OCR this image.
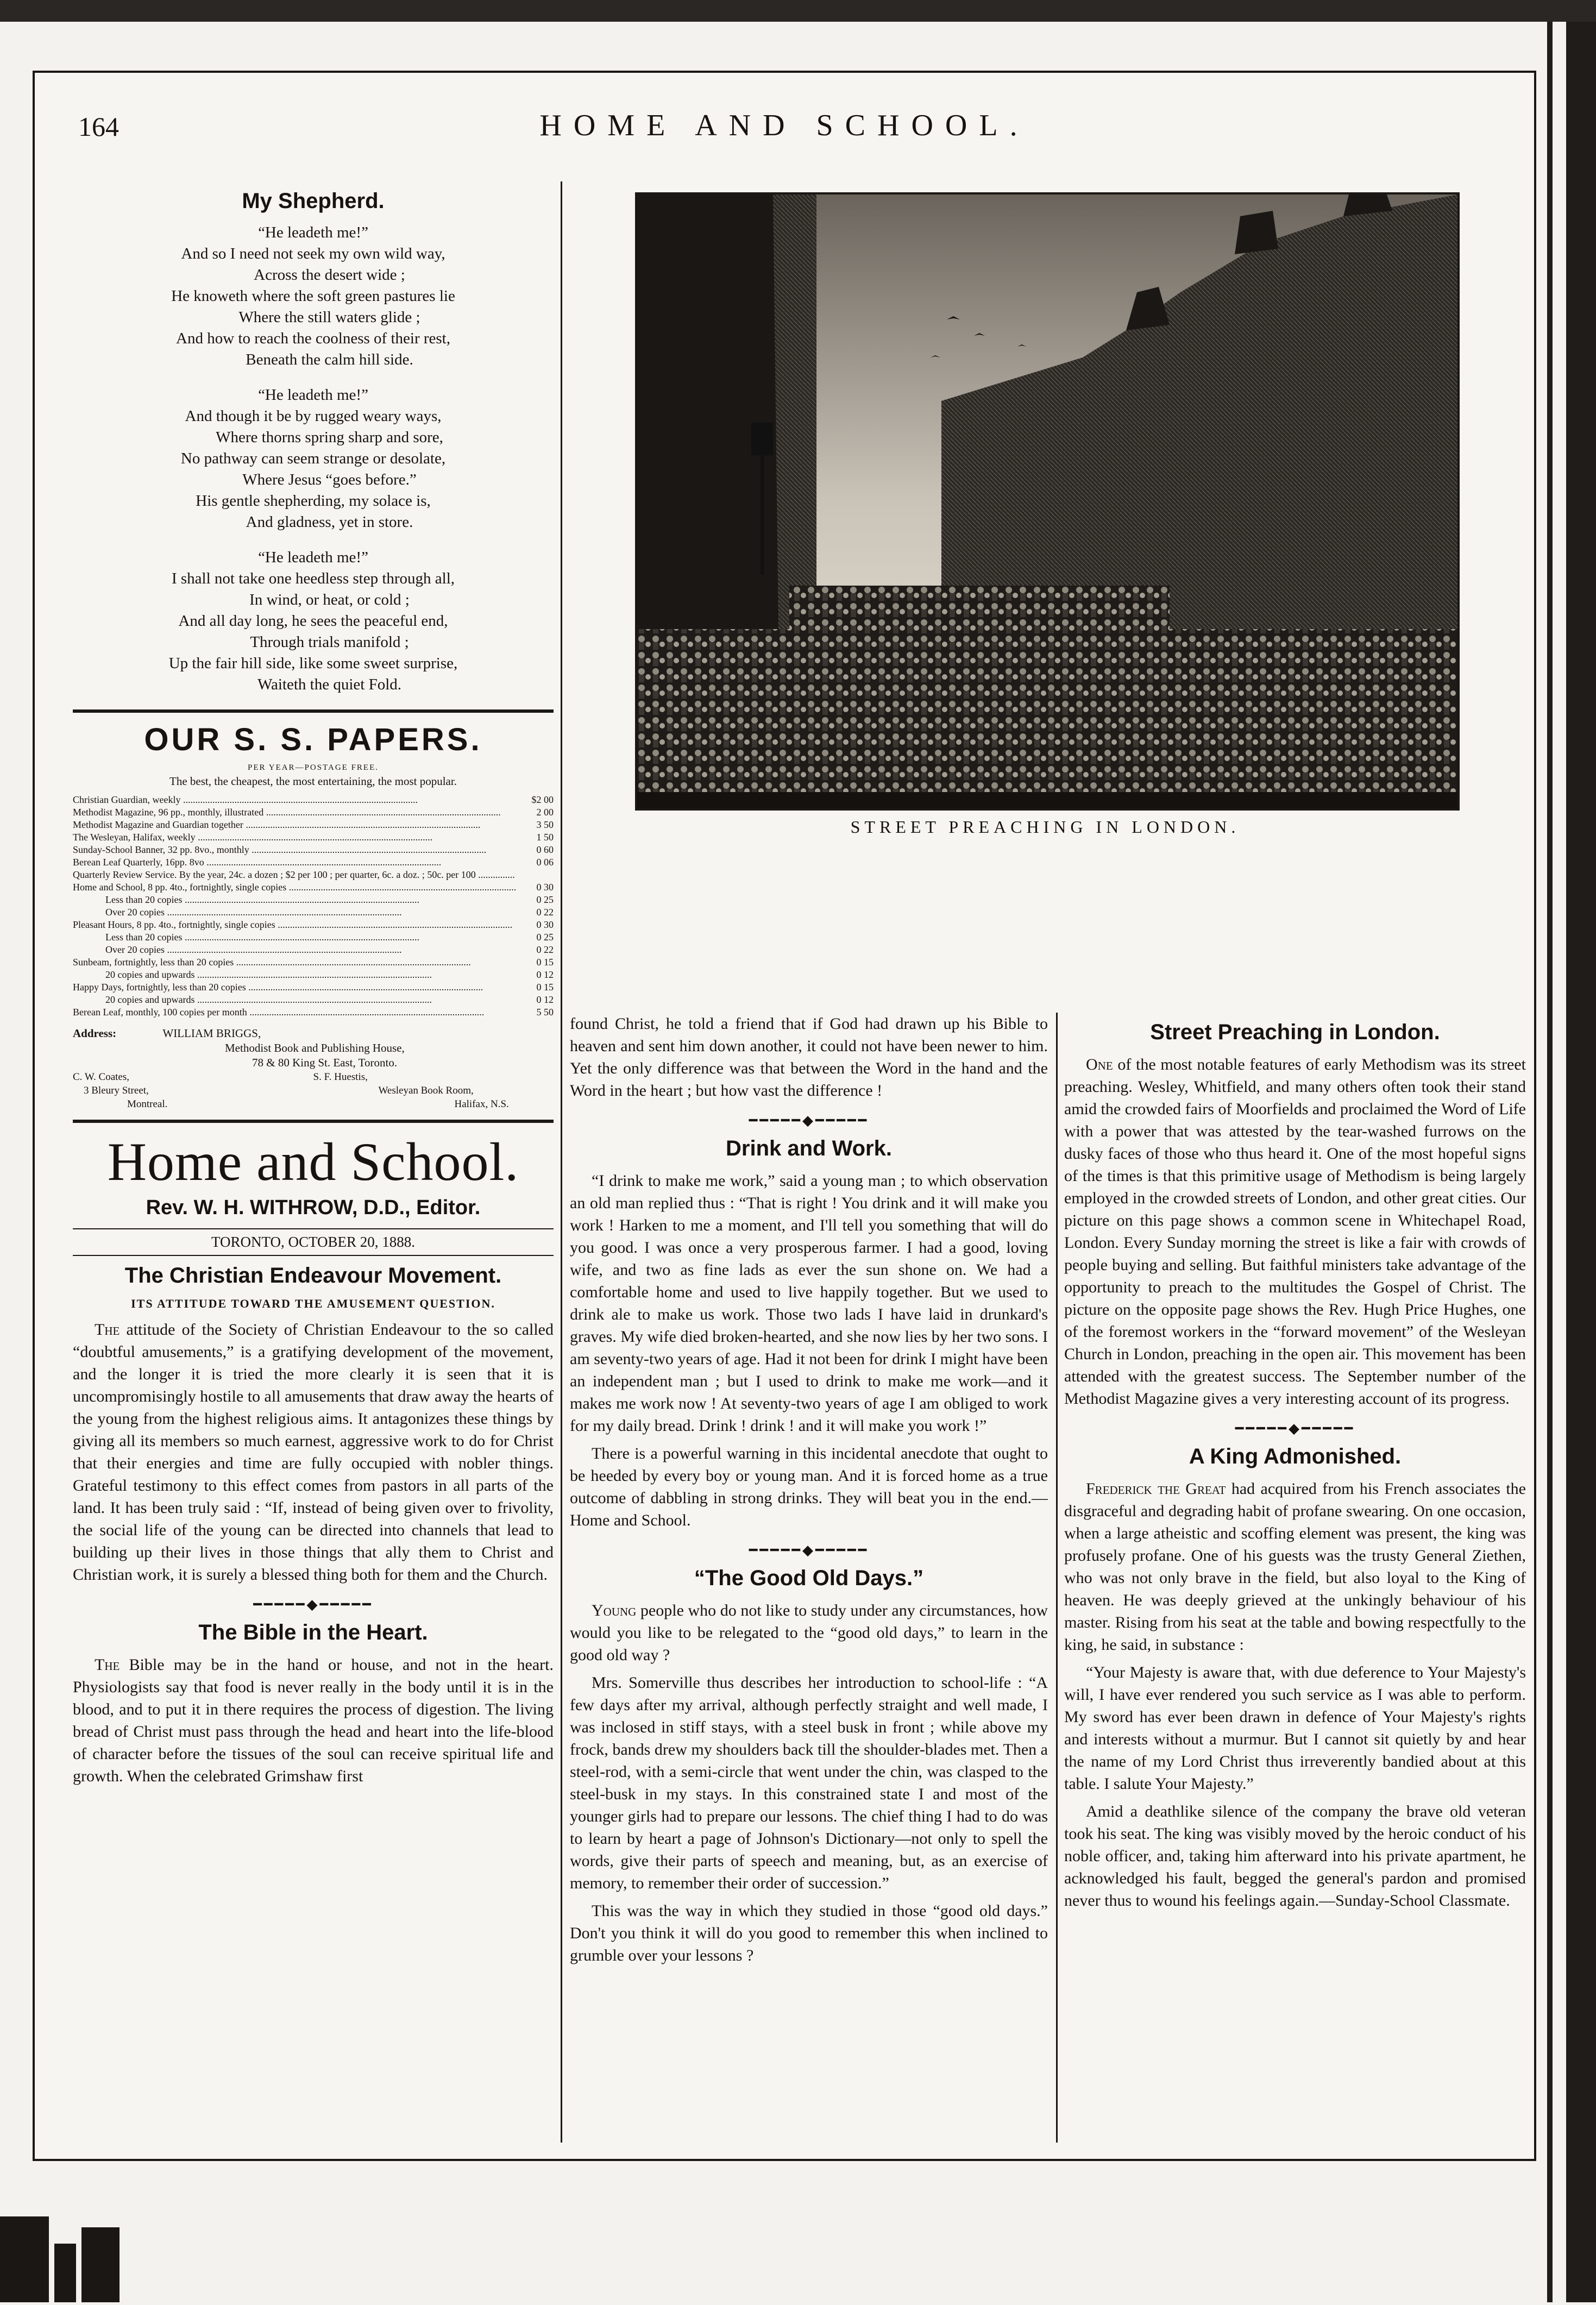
164	HOME AND SCHOOL.
My Shepherd.
“He leadeth me!”
And so I need not seek my own wild way,
Across the desert wide ;
He knoweth where the soft green pastures lie
Where the still waters glide ;
And how to reach the coolness of their rest,
Beneath the calm hill side.
“He leadeth me!”
And though it be by rugged weary ways,
Where thorns spring sharp and sore,
No pathway can seem strange or desolate,
Where Jesus “goes before.”
His gentle shepherding, my solace is,
And gladness, yet in store.
“He leadeth me!”
I shall not take one heedless step through all,
In wind, or heat, or cold ;
And all day long, he sees the peaceful end,
Through trials manifold ;
Up the fair hill side, like some sweet surprise,
Waiteth the quiet Fold.
OUR S. S. PAPERS.
PER YEAR—POSTAGE FREE.
The best, the cheapest, the most entertaining, the most popular.
Christian Guardian, weekly .....	$2 00
Methodist Magazine, 96 pp., monthly, illustrated .....	2 00
Methodist Magazine and Guardian together .....	3 50
The Wesleyan, Halifax, weekly .....	1 50
Sunday-School Banner, 32 pp. 8vo., monthly .....	0 60
Berean Leaf Quarterly, 16pp. 8vo .....	0 06
Quarterly Review Service. By the year, 24c. a dozen ; $2 per 100 ; per quarter, 6c. a doz. ; 50c. per 100 .....
Home and School, 8 pp. 4to., fortnightly, single copies .....	0 30
Less than 20 copies .....	0 25
Over 20 copies .....	0 22
Pleasant Hours, 8 pp. 4to., fortnightly, single copies .....	0 30
Less than 20 copies .....	0 25
Over 20 copies .....	0 22
Sunbeam, fortnightly, less than 20 copies .....	0 15
20 copies and upwards .....	0 12
Happy Days, fortnightly, less than 20 copies .....	0 15
20 copies and upwards .....	0 12
Berean Leaf, monthly, 100 copies per month .....	5 50
Address:	WILLIAM BRIGGS,
Methodist Book and Publishing House,
78 & 80 King St. East, Toronto.
C. W. Coates,
3 Bleury Street,
Montreal.
S. F. Huestis,
Wesleyan Book Room,
Halifax, N.S.
Home and School.
Rev. W. H. WITHROW, D.D., Editor.
TORONTO, OCTOBER 20, 1888.
The Christian Endeavour Movement.
ITS ATTITUDE TOWARD THE AMUSEMENT QUESTION.

The attitude of the Society of Christian Endeavour to the so called “doubtful amusements,” is a gratifying development of the movement, and the longer it is tried the more clearly it is seen that it is uncompromisingly hostile to all amusements that draw away the hearts of the young from the highest religious aims. It antagonizes these things by giving all its members so much earnest, aggressive work to do for Christ that their energies and time are fully occupied with nobler things. Grateful testimony to this effect comes from pastors in all parts of the land. It has been truly said : “If, instead of being given over to frivolity, the social life of the young can be directed into channels that lead to building up their lives in those things that ally them to Christ and Christian work, it is surely a blessed thing both for them and the Church.

━━━━━◆━━━━━
The Bible in the Heart.

The Bible may be in the hand or house, and not in the heart. Physiologists say that food is never really in the body until it is in the blood, and to put it in there requires the process of digestion. The living bread of Christ must pass through the head and heart into the life-blood of character before the tissues of the soul can receive spiritual life and growth. When the celebrated Grimshaw first

STREET PREACHING IN LONDON.

found Christ, he told a friend that if God had drawn up his Bible to heaven and sent him down another, it could not have been newer to him. Yet the only difference was that between the Word in the hand and the Word in the heart ; but how vast the difference !

━━━━━◆━━━━━
Drink and Work.

“I drink to make me work,” said a young man ; to which observation an old man replied thus : “That is right ! You drink and it will make you work ! Harken to me a moment, and I'll tell you something that will do you good. I was once a very prosperous farmer. I had a good, loving wife, and two as fine lads as ever the sun shone on. We had a comfortable home and used to live happily together. But we used to drink ale to make us work. Those two lads I have laid in drunkard's graves. My wife died broken-hearted, and she now lies by her two sons. I am seventy-two years of age. Had it not been for drink I might have been an independent man ; but I used to drink to make me work—and it makes me work now ! At seventy-two years of age I am obliged to work for my daily bread. Drink ! drink ! and it will make you work !”

There is a powerful warning in this incidental anecdote that ought to be heeded by every boy or young man. And it is forced home as a true outcome of dabbling in strong drinks. They will beat you in the end.—Home and School.

━━━━━◆━━━━━
“The Good Old Days.”

Young people who do not like to study under any circumstances, how would you like to be relegated to the “good old days,” to learn in the good old way ?

Mrs. Somerville thus describes her introduction to school-life : “A few days after my arrival, although perfectly straight and well made, I was inclosed in stiff stays, with a steel busk in front ; while above my frock, bands drew my shoulders back till the shoulder-blades met. Then a steel-rod, with a semi-circle that went under the chin, was clasped to the steel-busk in my stays. In this constrained state I and most of the younger girls had to prepare our lessons. The chief thing I had to do was to learn by heart a page of Johnson's Dictionary—not only to spell the words, give their parts of speech and meaning, but, as an exercise of memory, to remember their order of succession.”

This was the way in which they studied in those “good old days.” Don't you think it will do you good to remember this when inclined to grumble over your lessons ?

Street Preaching in London.

One of the most notable features of early Methodism was its street preaching. Wesley, Whitfield, and many others often took their stand amid the crowded fairs of Moorfields and proclaimed the Word of Life with a power that was attested by the tear-washed furrows on the dusky faces of those who thus heard it. One of the most hopeful signs of the times is that this primitive usage of Methodism is being largely employed in the crowded streets of London, and other great cities. Our picture on this page shows a common scene in Whitechapel Road, London. Every Sunday morning the street is like a fair with crowds of people buying and selling. But faithful ministers take advantage of the opportunity to preach to the multitudes the Gospel of Christ. The picture on the opposite page shows the Rev. Hugh Price Hughes, one of the foremost workers in the “forward movement” of the Wesleyan Church in London, preaching in the open air. This movement has been attended with the greatest success. The September number of the Methodist Magazine gives a very interesting account of its progress.

━━━━━◆━━━━━
A King Admonished.

Frederick the Great had acquired from his French associates the disgraceful and degrading habit of profane swearing. On one occasion, when a large atheistic and scoffing element was present, the king was profusely profane. One of his guests was the trusty General Ziethen, who was not only brave in the field, but also loyal to the King of heaven. He was deeply grieved at the unkingly behaviour of his master. Rising from his seat at the table and bowing respectfully to the king, he said, in substance :

“Your Majesty is aware that, with due deference to Your Majesty's will, I have ever rendered you such service as I was able to perform. My sword has ever been drawn in defence of Your Majesty's rights and interests without a murmur. But I cannot sit quietly by and hear the name of my Lord Christ thus irreverently bandied about at this table. I salute Your Majesty.”

Amid a deathlike silence of the company the brave old veteran took his seat. The king was visibly moved by the heroic conduct of his noble officer, and, taking him afterward into his private apartment, he acknowledged his fault, begged the general's pardon and promised never thus to wound his feelings again.—Sunday-School Classmate.
